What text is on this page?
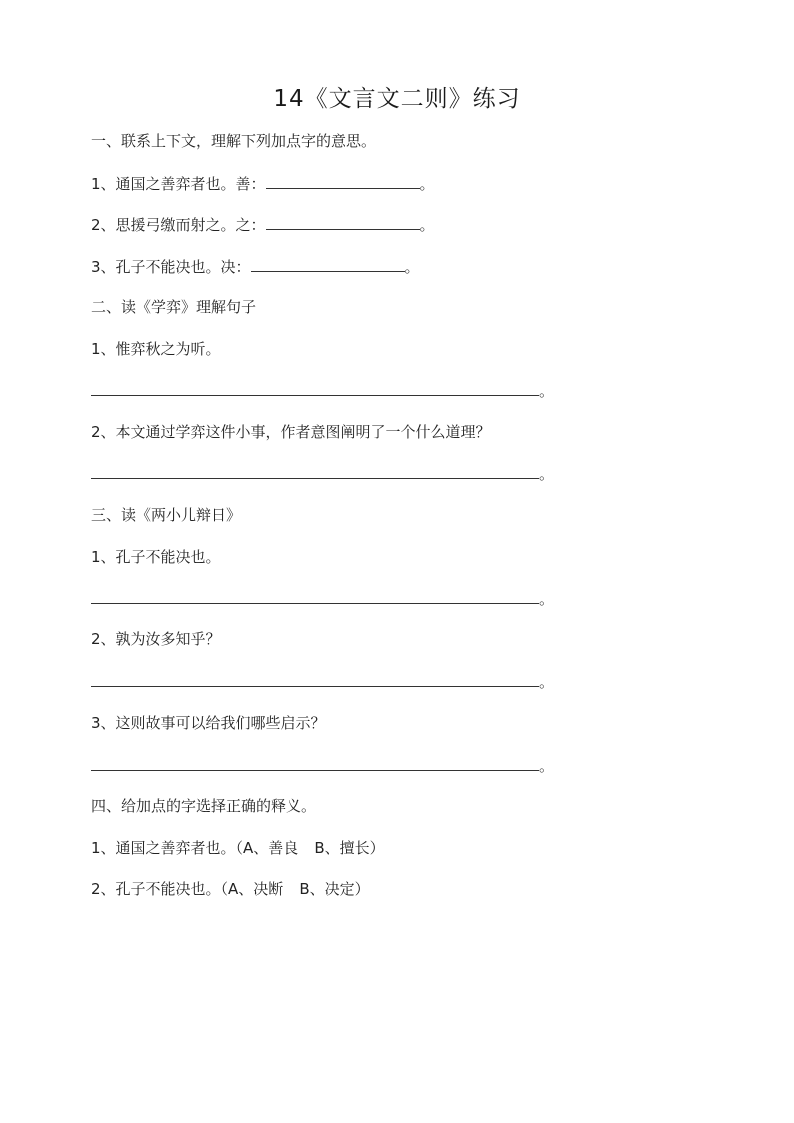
14《文言文二则》练习
一、联系上下文，理解下列加点字的意思。
1、通国之善弈者也。善：	。
2、思援弓缴而射之。之：	。
3、孔子不能决也。决：	。
二、读《学弈》理解句子
1、惟弈秋之为听。
。
2、本文通过学弈这件小事，作者意图阐明了一个什么道理？
。
三、读《两小儿辩日》
1、孔子不能决也。
。
2、孰为汝多知乎？
。
3、这则故事可以给我们哪些启示？
。
四、给加点的字选择正确的释义。
1、通国之善弈者也。（A、善良 B、擅长）
2、孔子不能决也。（A、决断 B、决定）
